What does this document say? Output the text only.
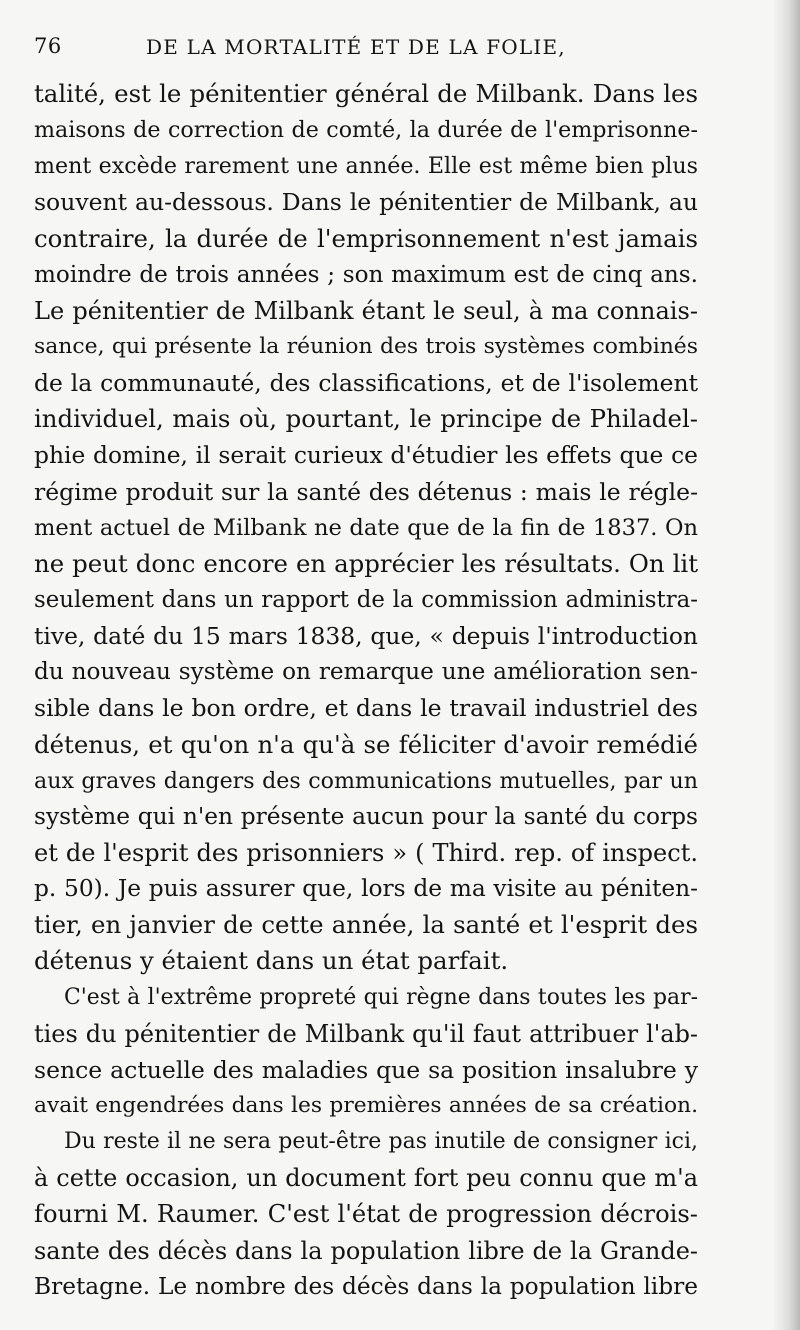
76	DE LA MORTALITÉ ET DE LA FOLIE,
talité, est le pénitentier général de Milbank. Dans les
maisons de correction de comté, la durée de l'emprisonne-
ment excède rarement une année. Elle est même bien plus
souvent au-dessous. Dans le pénitentier de Milbank, au
contraire, la durée de l'emprisonnement n'est jamais
moindre de trois années ; son maximum est de cinq ans.
Le pénitentier de Milbank étant le seul, à ma connais-
sance, qui présente la réunion des trois systèmes combinés
de la communauté, des classifications, et de l'isolement
individuel, mais où, pourtant, le principe de Philadel-
phie domine, il serait curieux d'étudier les effets que ce
régime produit sur la santé des détenus : mais le régle-
ment actuel de Milbank ne date que de la fin de 1837. On
ne peut donc encore en apprécier les résultats. On lit
seulement dans un rapport de la commission administra-
tive, daté du 15 mars 1838, que, « depuis l'introduction
du nouveau système on remarque une amélioration sen-
sible dans le bon ordre, et dans le travail industriel des
détenus, et qu'on n'a qu'à se féliciter d'avoir remédié
aux graves dangers des communications mutuelles, par un
système qui n'en présente aucun pour la santé du corps
et de l'esprit des prisonniers » ( Third. rep. of inspect.
p. 50). Je puis assurer que, lors de ma visite au péniten-
tier, en janvier de cette année, la santé et l'esprit des
détenus y étaient dans un état parfait.
C'est à l'extrême propreté qui règne dans toutes les par-
ties du pénitentier de Milbank qu'il faut attribuer l'ab-
sence actuelle des maladies que sa position insalubre y
avait engendrées dans les premières années de sa création.
Du reste il ne sera peut-être pas inutile de consigner ici,
à cette occasion, un document fort peu connu que m'a
fourni M. Raumer. C'est l'état de progression décrois-
sante des décès dans la population libre de la Grande-
Bretagne. Le nombre des décès dans la population libre
